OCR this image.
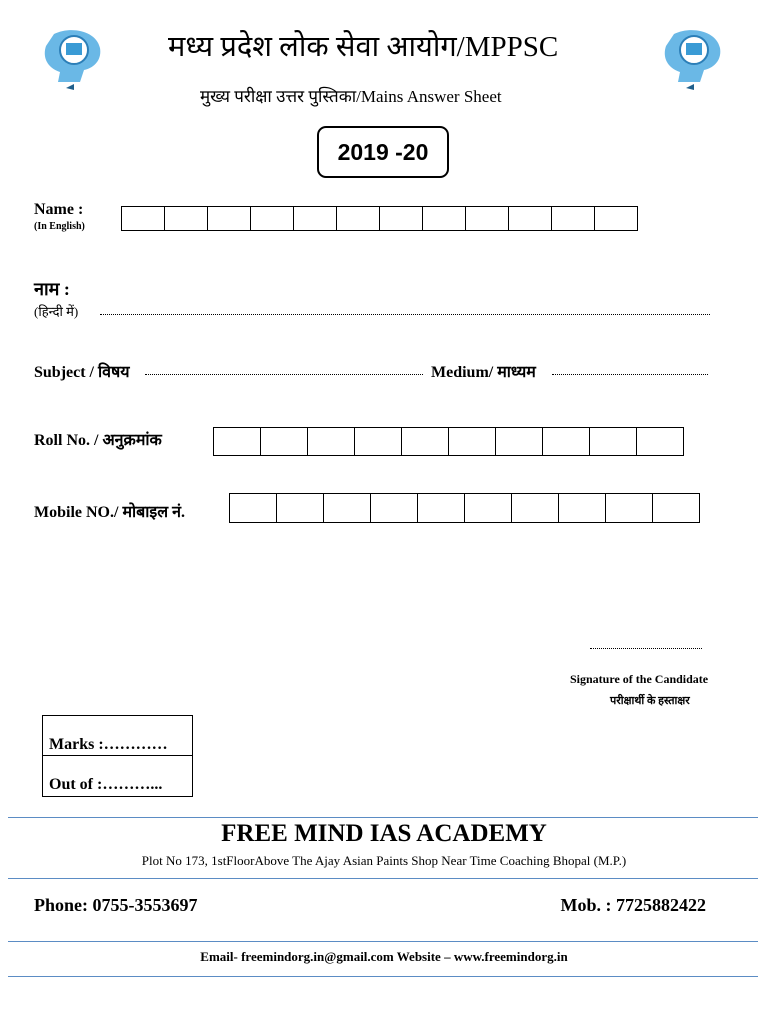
मध्य प्रदेश लोक सेवा आयोग/MPPSC
मुख्य परीक्षा उत्तर पुस्तिका/Mains Answer Sheet
2019 -20
Name :
(In English)
नाम :
(हिन्दी में)
Subject / विषय	Medium/ माध्यम
Roll No. / अनुक्रमांक
Mobile NO./ मोबाइल नं.
Signature of the Candidate
परीक्षार्थी के हस्ताक्षर
Marks :…………
Out of :………...
FREE MIND IAS ACADEMY
Plot No 173, 1stFloorAbove The Ajay Asian Paints Shop Near Time Coaching Bhopal (M.P.)
Phone: 0755-3553697	Mob. : 7725882422
Email- freemindorg.in@gmail.com Website – www.freemindorg.in
